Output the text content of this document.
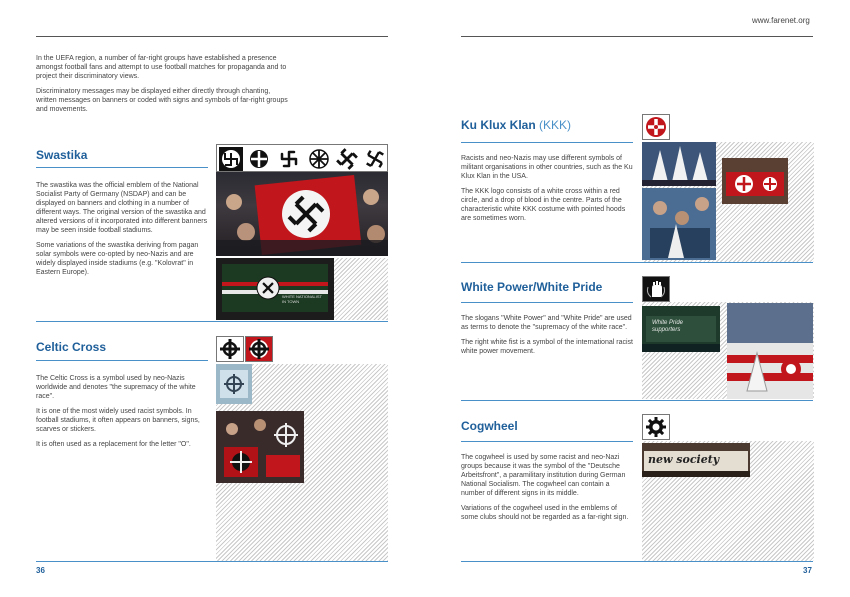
In the UEFA region, a number of far-right groups have established a presence amongst football fans and attempt to use football matches for propaganda and to project their discriminatory views.

Discriminatory messages may be displayed either directly through chanting, written messages on banners or coded with signs and symbols of far-right groups and movements.

Swastika

The swastika was the official emblem of the National Socialist Party of Germany (NSDAP) and can be displayed on banners and clothing in a number of different ways. The original version of the swastika and altered versions of it incorporated into different banners may be seen inside football stadiums.

Some variations of the swastika deriving from pagan solar symbols were co-opted by neo-Nazis and are widely displayed inside stadiums (e.g. "Kolovrat" in Eastern Europe).

WHITE NATIONALIST
IN TOWN
Celtic Cross

The Celtic Cross is a symbol used by neo-Nazis worldwide and denotes "the supremacy of the white race".

It is one of the most widely used racist symbols. In football stadiums, it often appears on banners, signs, scarves or stickers.

It is often used as a replacement for the letter "O".

36
www.farenet.org
Ku Klux Klan (KKK)

Racists and neo-Nazis may use different symbols of militant organisations in other countries, such as the Ku Klux Klan in the USA.

The KKK logo consists of a white cross within a red circle, and a drop of blood in the centre. Parts of the characteristic white KKK costume with pointed hoods are sometimes worn.

White Power/White Pride

The slogans "White Power" and "White Pride" are used as terms to denote the "supremacy of the white race".

The right white fist is a symbol of the international racist white power movement.

White Pride
supporters
Cogwheel

The cogwheel is used by some racist and neo-Nazi groups because it was the symbol of the "Deutsche Arbeitsfront", a paramilitary institution during German National Socialism. The cogwheel can contain a number of different signs in its middle.

Variations of the cogwheel used in the emblems of some clubs should not be regarded as a far-right sign.

new society
37
